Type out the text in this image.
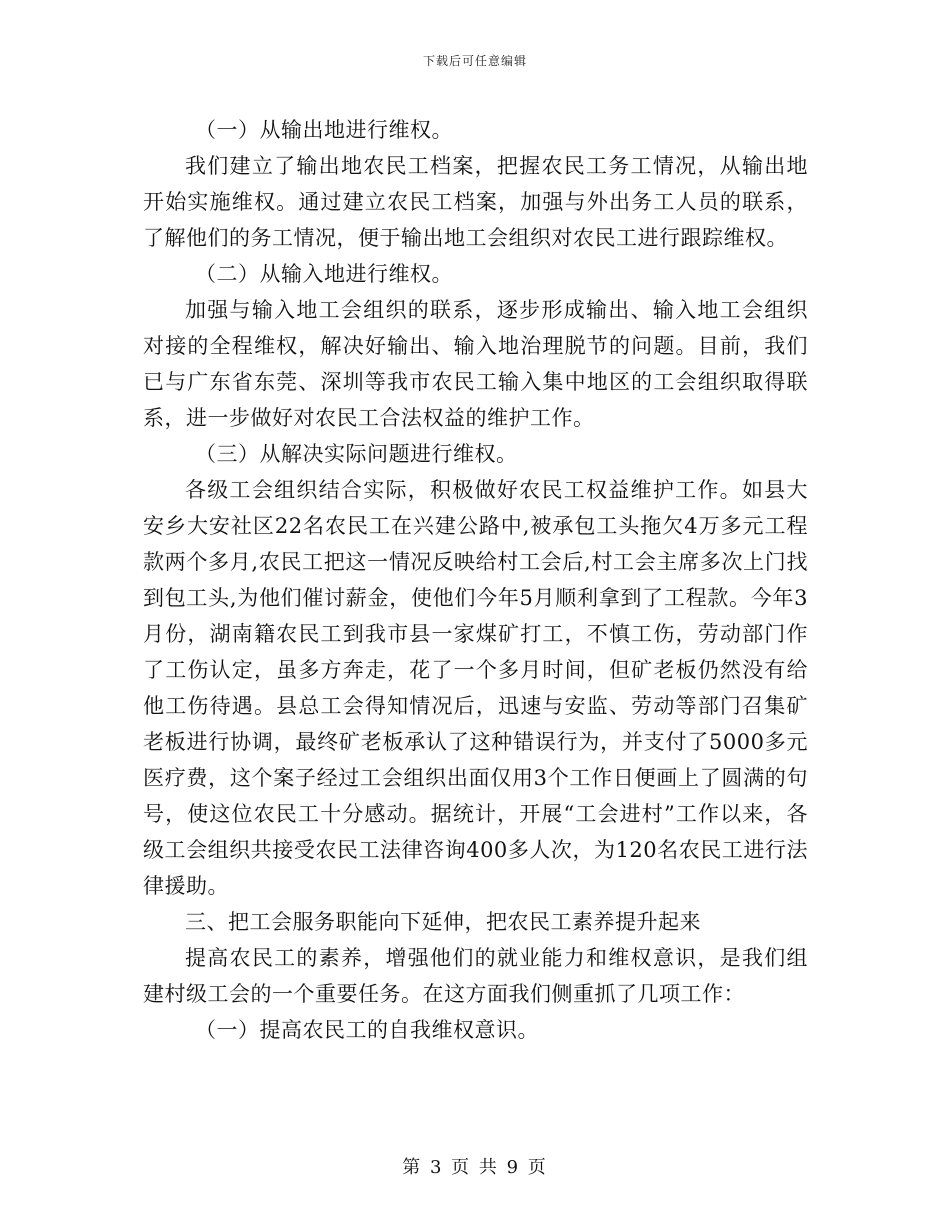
下载后可任意编辑

（一）从输出地进行维权。

我们建立了输出地农民工档案，把握农民工务工情况，从输出地开始实施维权。通过建立农民工档案，加强与外出务工人员的联系，了解他们的务工情况，便于输出地工会组织对农民工进行跟踪维权。

（二）从输入地进行维权。

加强与输入地工会组织的联系，逐步形成输出、输入地工会组织对接的全程维权，解决好输出、输入地治理脱节的问题。目前，我们已与广东省东莞、深圳等我市农民工输入集中地区的工会组织取得联系，进一步做好对农民工合法权益的维护工作。

（三）从解决实际问题进行维权。

各级工会组织结合实际，积极做好农民工权益维护工作。如县大安乡大安社区22名农民工在兴建公路中,被承包工头拖欠4万多元工程款两个多月,农民工把这一情况反映给村工会后,村工会主席多次上门找到包工头,为他们催讨薪金，使他们今年5月顺利拿到了工程款。今年3月份，湖南籍农民工到我市县一家煤矿打工，不慎工伤，劳动部门作了工伤认定，虽多方奔走，花了一个多月时间，但矿老板仍然没有给他工伤待遇。县总工会得知情况后，迅速与安监、劳动等部门召集矿老板进行协调，最终矿老板承认了这种错误行为，并支付了5000多元医疗费，这个案子经过工会组织出面仅用3个工作日便画上了圆满的句号，使这位农民工十分感动。据统计，开展“工会进村”工作以来，各级工会组织共接受农民工法律咨询400多人次，为120名农民工进行法律援助。

三、把工会服务职能向下延伸，把农民工素养提升起来

提高农民工的素养，增强他们的就业能力和维权意识，是我们组建村级工会的一个重要任务。在这方面我们侧重抓了几项工作：

（一）提高农民工的自我维权意识。

第 3 页 共 9 页
